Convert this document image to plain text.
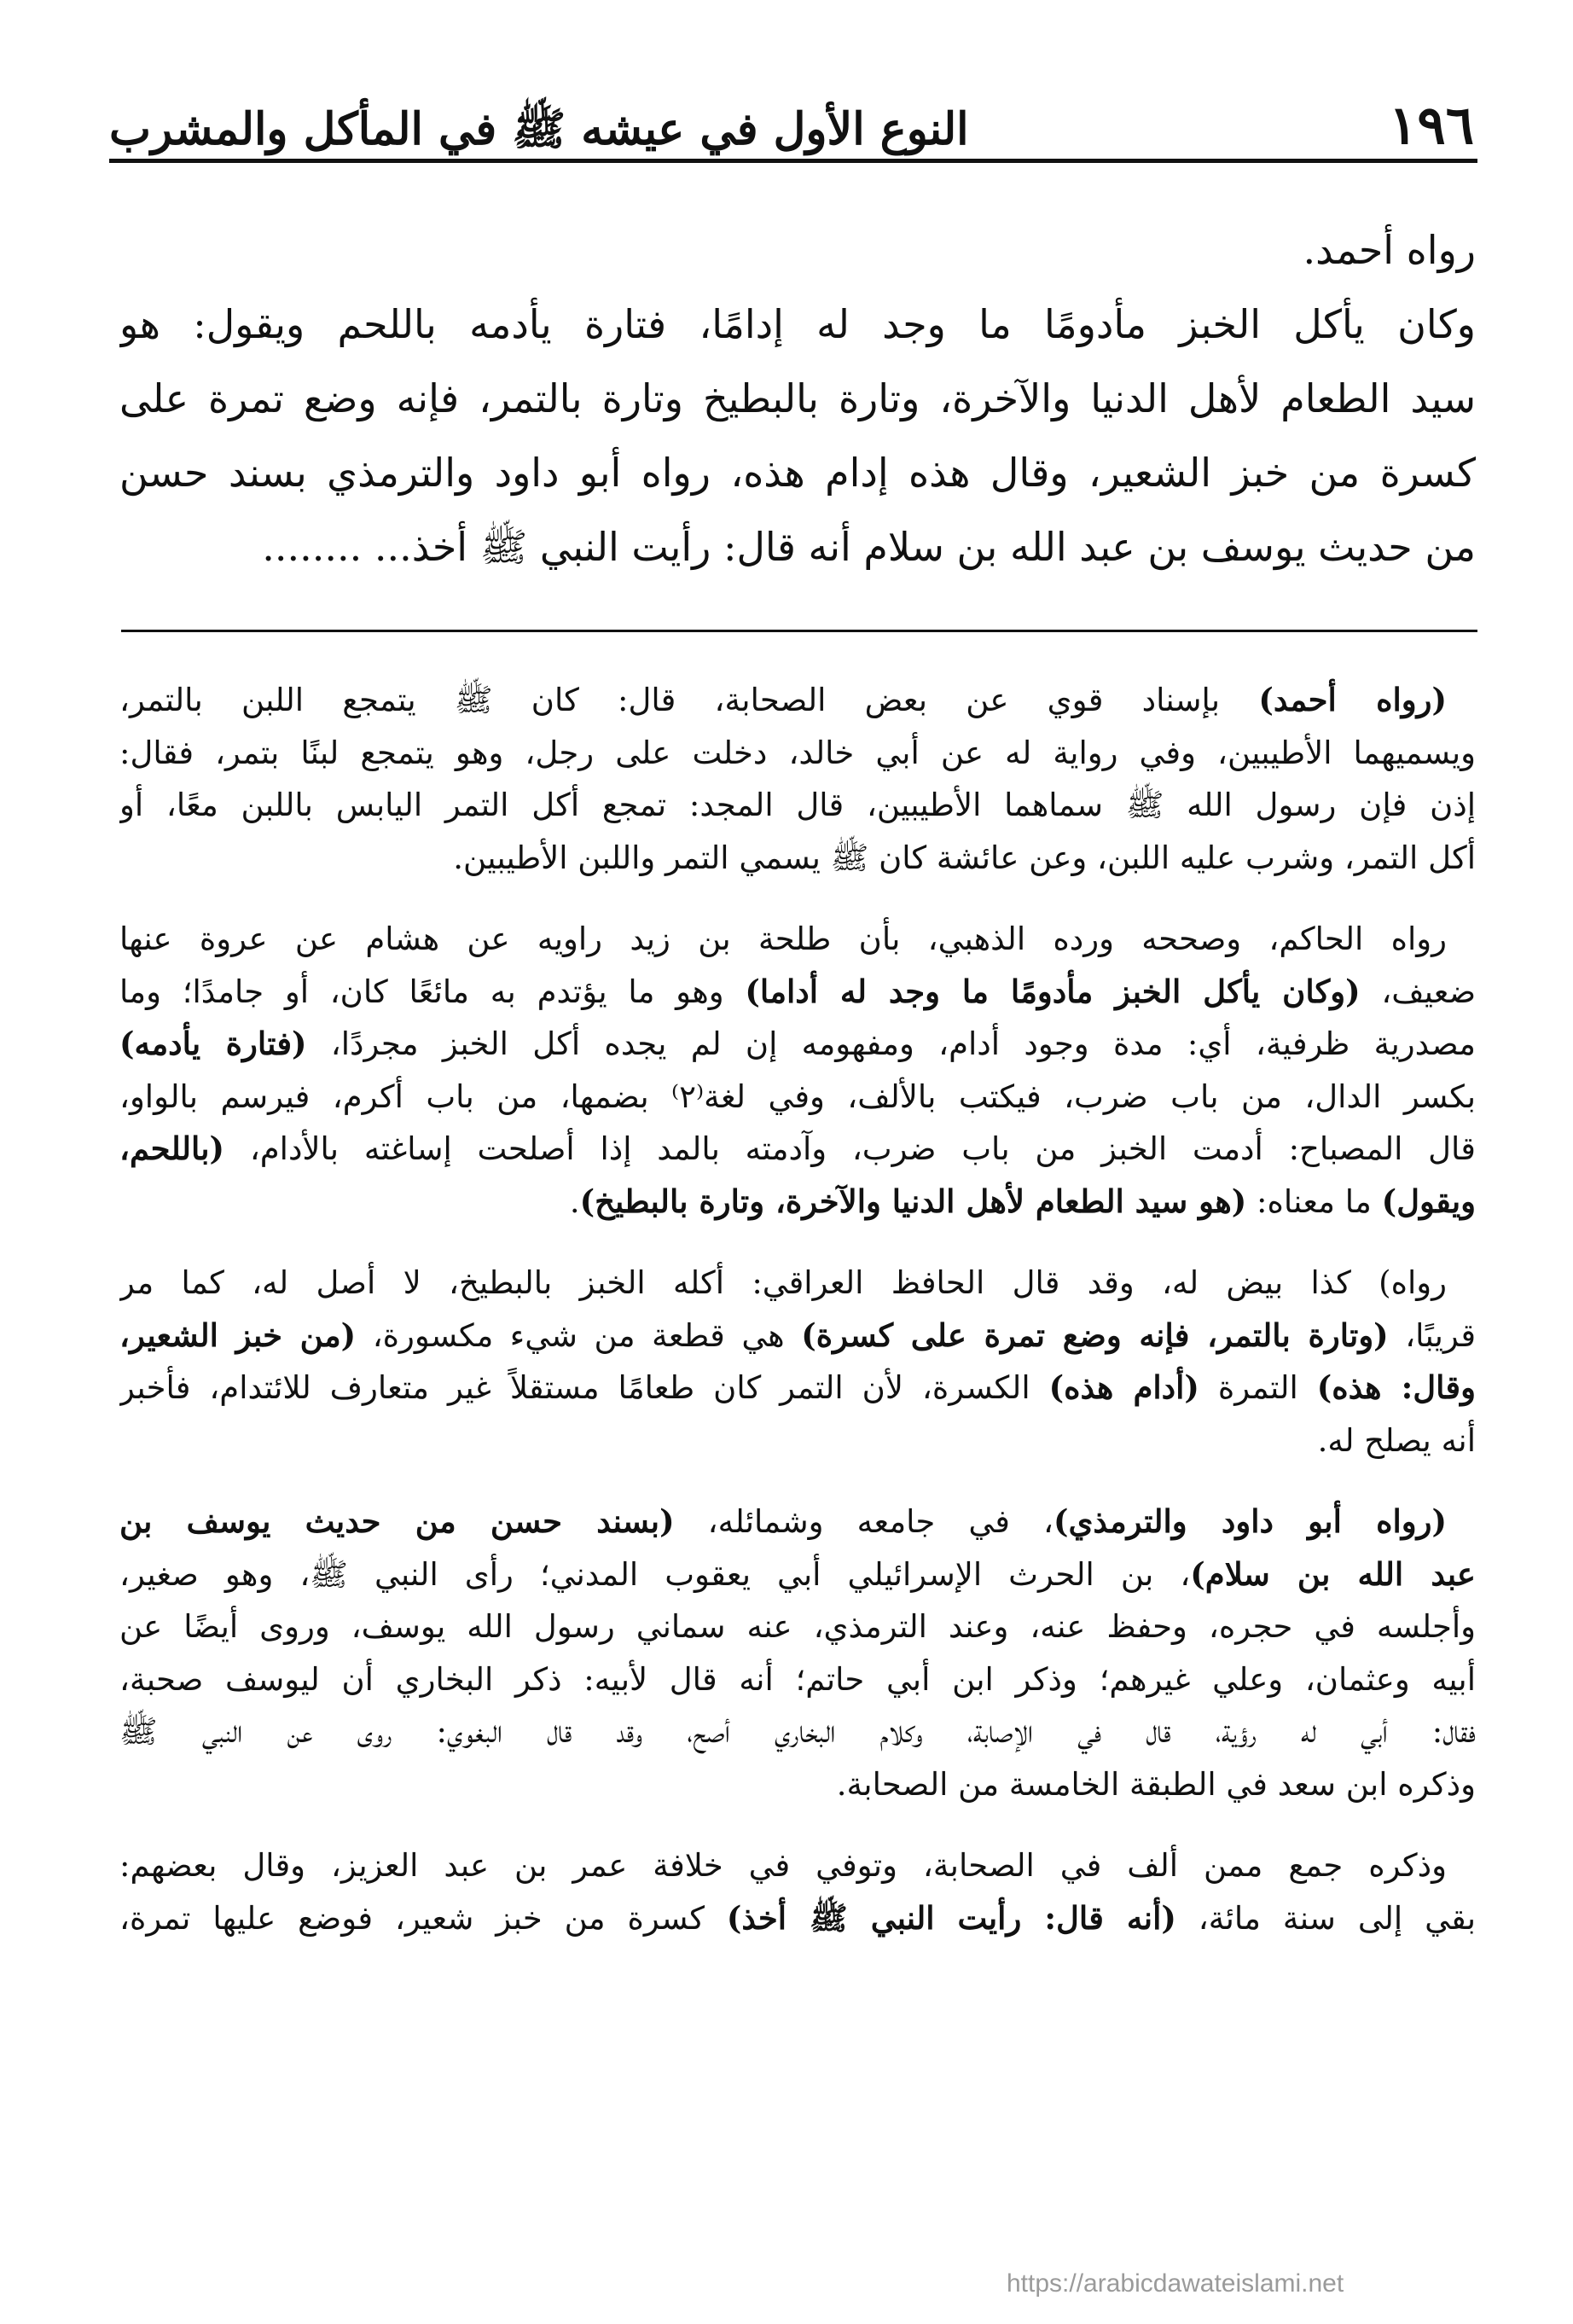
١٩٦
النوع الأول في عيشه ﷺ في المأكل والمشرب
رواه أحمد.
وكان يأكل الخبز مأدومًا ما وجد له إدامًا، فتارة يأدمه باللحم ويقول: هو
سيد الطعام لأهل الدنيا والآخرة، وتارة بالبطيخ وتارة بالتمر، فإنه وضع تمرة على
كسرة من خبز الشعير، وقال هذه إدام هذه، رواه أبو داود والترمذي بسند حسن
من حديث يوسف بن عبد الله بن سلام أنه قال: رأيت النبي ﷺ أخذ... ........
(رواه أحمد) بإسناد قوي عن بعض الصحابة، قال: كان ﷺ يتمجع اللبن بالتمر،
ويسميهما الأطيبين، وفي رواية له عن أبي خالد، دخلت على رجل، وهو يتمجع لبنًا بتمر، فقال:
إذن فإن رسول الله ﷺ سماهما الأطيبين، قال المجد: تمجع أكل التمر اليابس باللبن معًا، أو
أكل التمر، وشرب عليه اللبن، وعن عائشة كان ﷺ يسمي التمر واللبن الأطيبين.
رواه الحاكم، وصححه ورده الذهبي، بأن طلحة بن زيد راويه عن هشام عن عروة عنها
ضعيف، (وكان يأكل الخبز مأدومًا ما وجد له أداما) وهو ما يؤتدم به مائعًا كان، أو جامدًا؛ وما
مصدرية ظرفية، أي: مدة وجود أدام، ومفهومه إن لم يجده أكل الخبز مجردًا، (فتارة يأدمه)
بكسر الدال، من باب ضرب، فيكتب بالألف، وفي لغة⁽٢⁾ بضمها، من باب أكرم، فيرسم بالواو،
قال المصباح: أدمت الخبز من باب ضرب، وآدمته بالمد إذا أصلحت إساغته بالأدام، (باللحم،
ويقول) ما معناه: (هو سيد الطعام لأهل الدنيا والآخرة، وتارة بالبطيخ).
رواه) كذا بيض له، وقد قال الحافظ العراقي: أكله الخبز بالبطيخ، لا أصل له، كما مر
قريبًا، (وتارة بالتمر، فإنه وضع تمرة على كسرة) هي قطعة من شيء مكسورة، (من خبز الشعير،
وقال: هذه) التمرة (أدام هذه) الكسرة، لأن التمر كان طعامًا مستقلاً غير متعارف للائتدام، فأخبر
أنه يصلح له.
(رواه أبو داود والترمذي)، في جامعه وشمائله، (بسند حسن من حديث يوسف بن
عبد الله بن سلام)، بن الحرث الإسرائيلي أبي يعقوب المدني؛ رأى النبي ﷺ، وهو صغير،
وأجلسه في حجره، وحفظ عنه، وعند الترمذي، عنه سماني رسول الله يوسف، وروى أيضًا عن
أبيه وعثمان، وعلي غيرهم؛ وذكر ابن أبي حاتم؛ أنه قال لأبيه: ذكر البخاري أن ليوسف صحبة،
فقال: أبي له رؤية، قال في الإصابة، وكلام البخاري أصح، وقد قال البغوي: روى عن النبي ﷺ
وذكره ابن سعد في الطبقة الخامسة من الصحابة.
وذكره جمع ممن ألف في الصحابة، وتوفي في خلافة عمر بن عبد العزيز، وقال بعضهم:
بقي إلى سنة مائة، (أنه قال: رأيت النبي ﷺ أخذ) كسرة من خبز شعير، فوضع عليها تمرة،
https://arabicdawateislami.net
